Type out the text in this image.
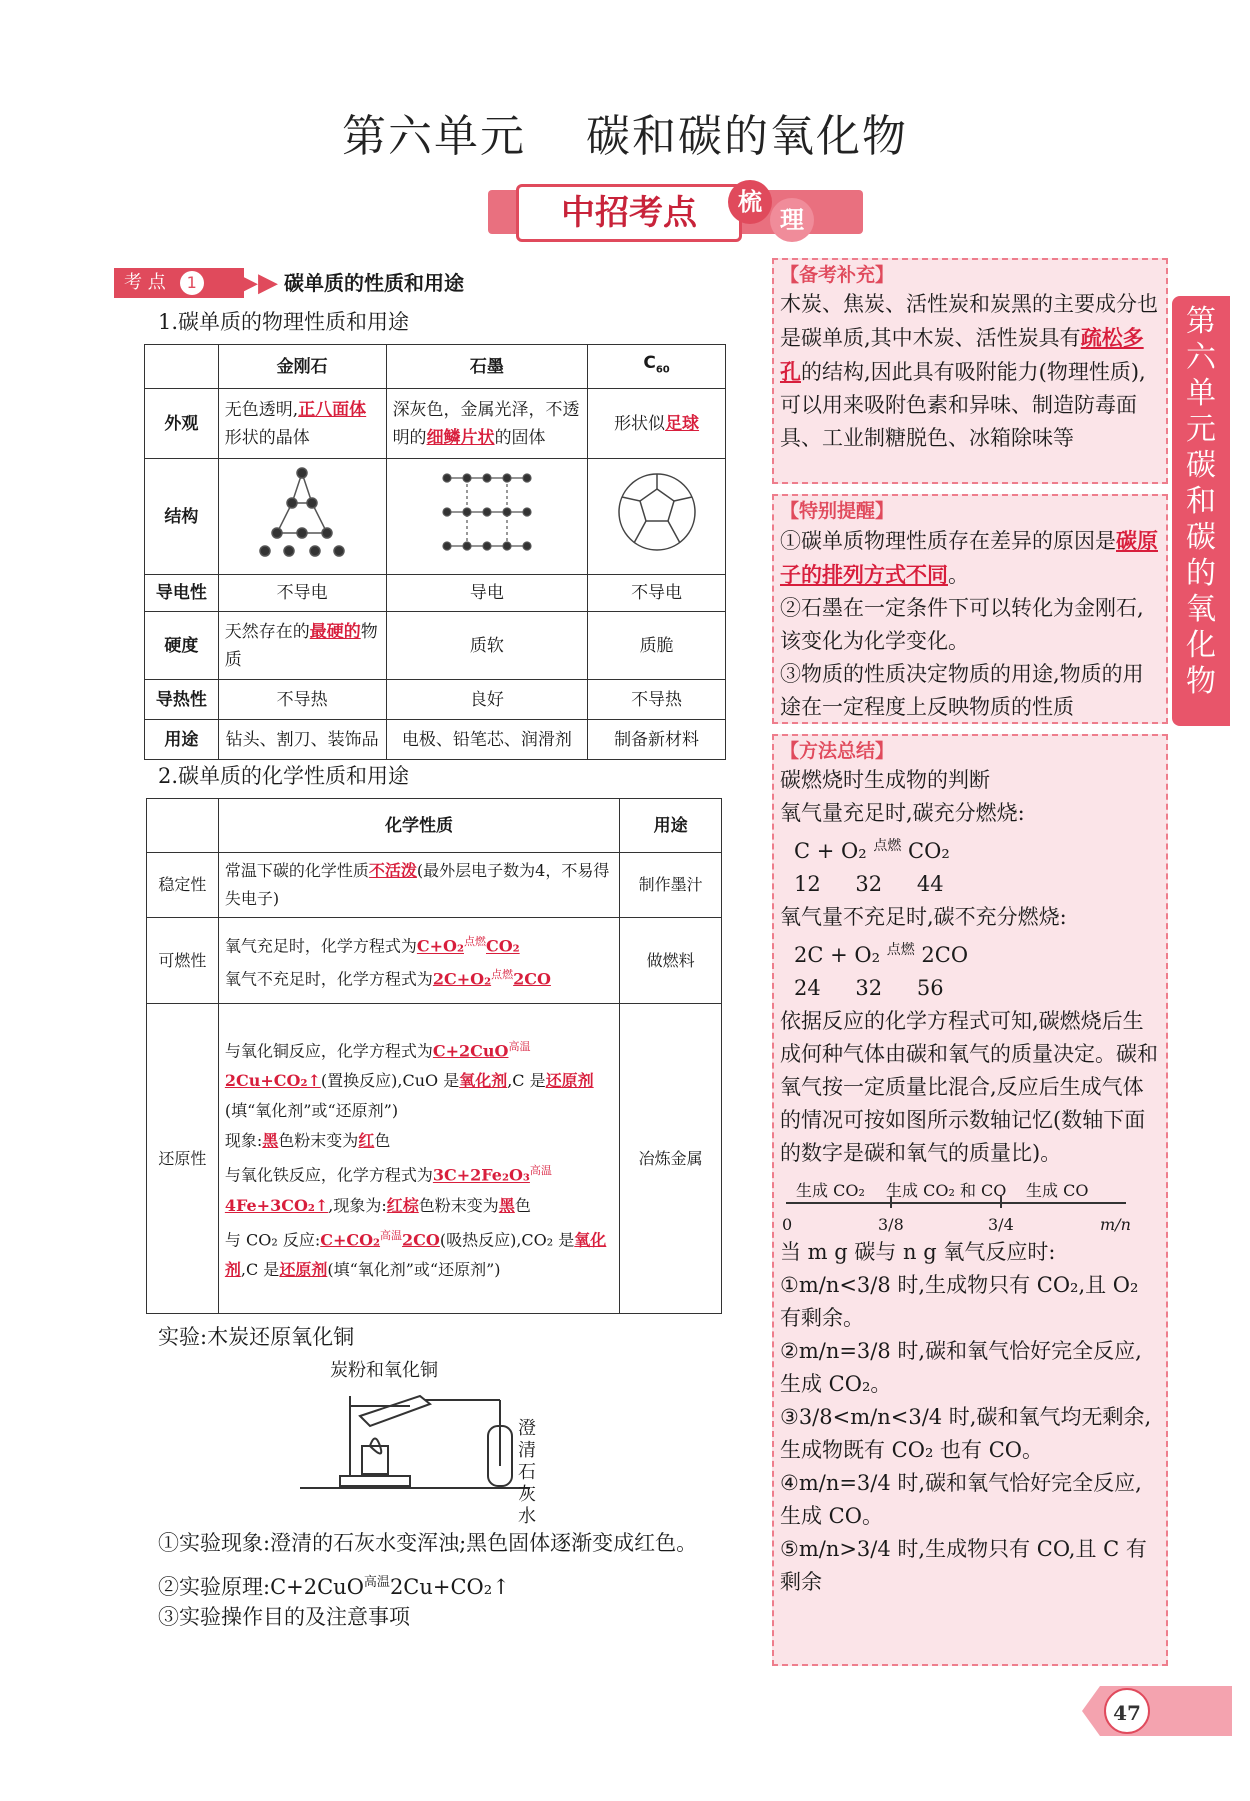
第六单元 碳和碳的氧化物
中招考点	梳
理
考 点 1 ▶▶ 碳单质的性质和用途
1.碳单质的物理性质和用途
	金刚石	石墨	$C_{60}$
外观	无色透明,正八面体形状的晶体	深灰色，金属光泽，不透明的细鳞片状的固体	形状似足球
结构			
导电性	不导电	导电	不导电
硬度	天然存在的最硬的物质	质软	质脆
导热性	不导热	良好	不导热
用途	钻头、割刀、装饰品	电极、铅笔芯、润滑剂	制备新材料
2.碳单质的化学性质和用途
	化学性质	用途
稳定性	常温下碳的化学性质不活泼(最外层电子数为4，不易得失电子)	制作墨汁
可燃性	氧气充足时，化学方程式为C+O₂$^{点燃}$CO₂
氧气不充足时，化学方程式为2C+O₂$^{点燃}$2CO	做燃料
还原性	与氧化铜反应，化学方程式为C+2CuO$^{高温}$2Cu+CO₂↑(置换反应),CuO 是氧化剂,C 是还原剂(填“氧化剂”或“还原剂”)
现象:黑色粉末变为红色
与氧化铁反应，化学方程式为3C+2Fe₂O₃$^{高温}$4Fe+3CO₂↑,现象为:红棕色粉末变为黑色
与 CO₂ 反应:C+CO₂$^{高温}$2CO(吸热反应),CO₂ 是氧化剂,C 是还原剂(填“氧化剂”或“还原剂”)	冶炼金属
实验:木炭还原氧化铜
炭粉和氧化铜
澄清石灰水
①实验现象:澄清的石灰水变浑浊;黑色固体逐渐变成红色。
②实验原理:C+2CuO$^{高温}$2Cu+CO₂↑
③实验操作目的及注意事项
【备考补充】

木炭、焦炭、活性炭和炭黑的主要成分也是碳单质,其中木炭、活性炭具有疏松多孔的结构,因此具有吸附能力(物理性质),可以用来吸附色素和异味、制造防毒面具、工业制糖脱色、冰箱除味等

【特别提醒】

①碳单质物理性质存在差异的原因是碳原子的排列方式不同。

②石墨在一定条件下可以转化为金刚石,该变化为化学变化。

③物质的性质决定物质的用途,物质的用途在一定程度上反映物质的性质

【方法总结】

碳燃烧时生成物的判断

氧气量充足时,碳充分燃烧:

C + O₂ $^{点燃}$ CO₂

12 32 44

氧气量不充足时,碳不充分燃烧:

2C + O₂ $^{点燃}$ 2CO

24 32 56

依据反应的化学方程式可知,碳燃烧后生成何种气体由碳和氧气的质量决定。碳和氧气按一定质量比混合,反应后生成气体的情况可按如图所示数轴记忆(数轴下面的数字是碳和氧气的质量比)。

生成 CO₂ 生成 CO₂ 和 CO 生成 CO
0	3/8	3/4	m/n

当 m g 碳与 n g 氧气反应时:

①m/n<3/8 时,生成物只有 CO₂,且 O₂ 有剩余。

②m/n=3/8 时,碳和氧气恰好完全反应,生成 CO₂。

③3/8<m/n<3/4 时,碳和氧气均无剩余,生成物既有 CO₂ 也有 CO。

④m/n=3/4 时,碳和氧气恰好完全反应,生成 CO。

⑤m/n>3/4 时,生成物只有 CO,且 C 有剩余

第六单元 碳和碳的氧化物
47
